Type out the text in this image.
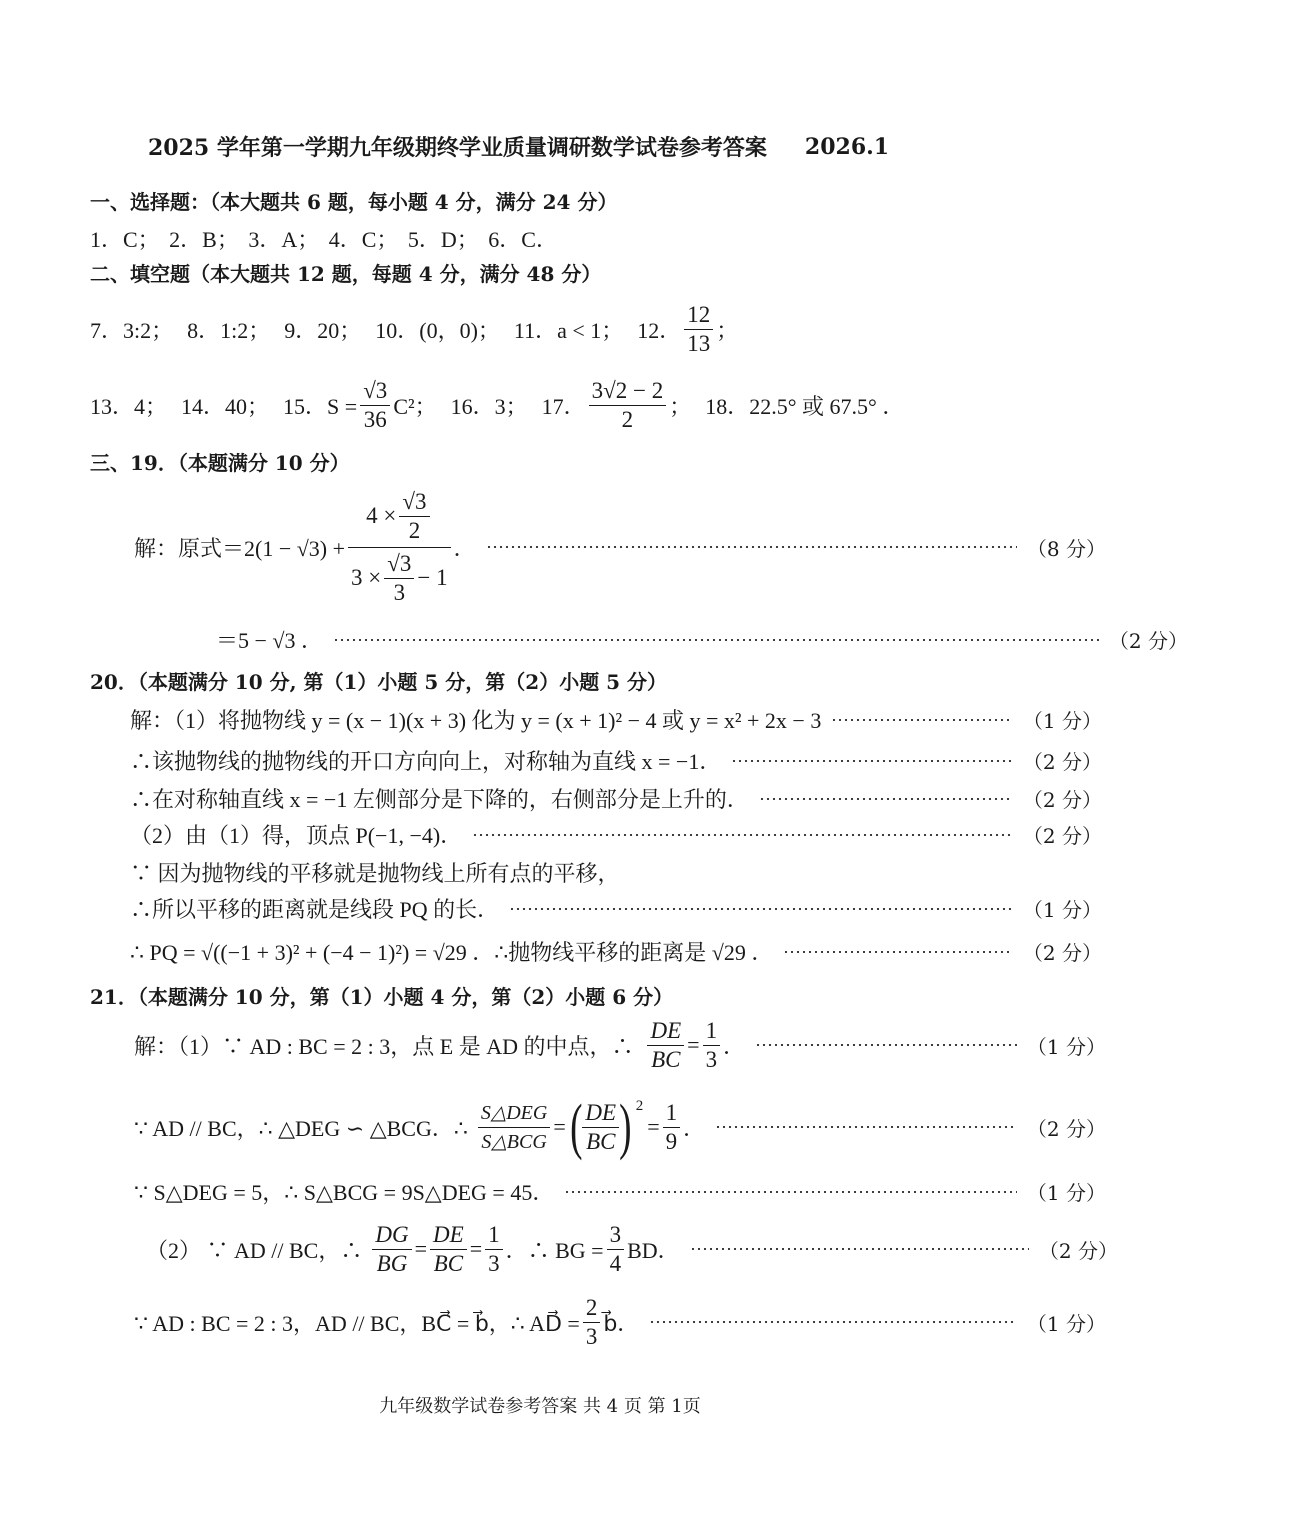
2025 学年第一学期九年级期终学业质量调研数学试卷参考答案 2026.1
一、选择题：（本大题共 6 题，每小题 4 分，满分 24 分）
1．C； 2．B； 3．A； 4．C； 5．D； 6．C．
二、填空题（本大题共 12 题，每题 4 分，满分 48 分）
7．3:2； 8．1:2； 9．20； 10．(0，0)； 11．a < 1； 12． $\frac{12}{13}$ ；
13．4； 14．40； 15．$S = \frac{√3}{36} C^2$； 16．3； 17． $\frac{3√2 - 2}{2}$ ； 18．22.5° 或 67.5° ．
三、19．（本题满分 10 分）
解：原式$=2(1 - √3) + \frac{4 \times \frac{√3}{2}}{3 \times \frac{√3}{3} - 1}$ ．	（8 分）
＝5 − √3 ．	（2 分）
20．（本题满分 10 分, 第（1）小题 5 分，第（2）小题 5 分）
解：（1）将抛物线 y = (x − 1)(x + 3) 化为 y = (x + 1)² − 4 或 y = x² + 2x − 3	（1 分）
∴该抛物线的抛物线的开口方向向上，对称轴为直线 x = −1．	（2 分）
∴在对称轴直线 x = −1 左侧部分是下降的，右侧部分是上升的．	（2 分）
（2）由（1）得，顶点 P(−1, −4)．	（2 分）
∵ 因为抛物线的平移就是抛物线上所有点的平移，
∴所以平移的距离就是线段 PQ 的长．	（1 分）
∴ PQ = √((−1 + 3)² + (−4 − 1)²) = √29 ．∴抛物线平移的距离是 √29 ．	（2 分）
21．（本题满分 10 分，第（1）小题 4 分，第（2）小题 6 分）
解：（1）∵ AD : BC = 2 : 3，点 E 是 AD 的中点，∴ $\frac{DE}{BC} = \frac{1}{3}$ ．	（1 分）
∵ AD // BC，∴ △DEG ∽ △BCG．∴ $\frac{\text{S△DEG}}{\text{S△BCG}}$ = ( $\frac{DE}{BC}$ ) $^2$
= $\frac{1}{9}$ ．	（2 分）
∵ S△DEG = 5，∴ S△BCG = 9S△DEG = 45．	（1 分）
（2） ∵ AD // BC，∴ $\frac{DG}{BG} = \frac{DE}{BC} = \frac{1}{3}$ ．∴ BG = $\frac{3}{4}$ BD．	（2 分）
∵ AD : BC = 2 : 3，AD // BC，BC⃗ = b⃗，∴ AD⃗ = $\frac{2}{3}$ b⃗．	（1 分）
九年级数学试卷参考答案 共 4 页 第 1页
